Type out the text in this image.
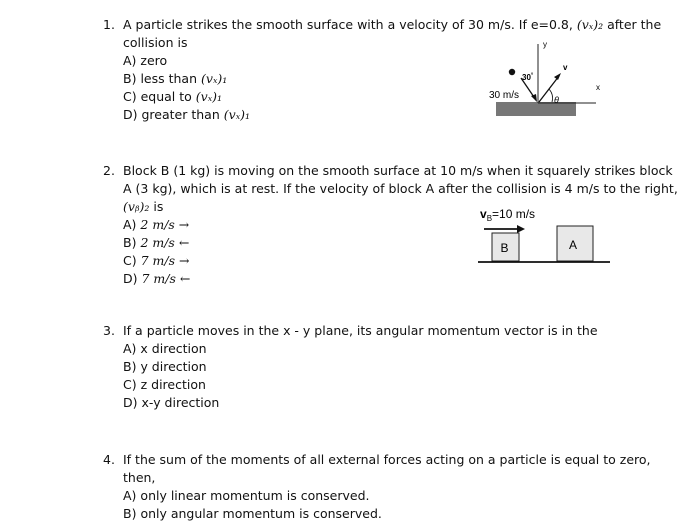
1. A particle strikes the smooth surface with a velocity of 30 m/s. If e=0.8, (vₓ)₂ after the
collision is
A) zero
B) less than (vₓ)₁
C) equal to (vₓ)₁
D) greater than (vₓ)₁
y
x
v
30°
θ
30 m/s
2. Block B (1 kg) is moving on the smooth surface at 10 m/s when it squarely strikes block
A (3 kg), which is at rest. If the velocity of block A after the collision is 4 m/s to the right,
(vᵦ)₂ is
A) 2 m/s →
B) 2 m/s ←
C) 7 m/s →
D) 7 m/s ←
$v_B=10$ m/s
B	A
3. If a particle moves in the x - y plane, its angular momentum vector is in the
A) x direction
B) y direction
C) z direction
D) x-y direction
4. If the sum of the moments of all external forces acting on a particle is equal to zero,
then,
A) only linear momentum is conserved.
B) only angular momentum is conserved.
